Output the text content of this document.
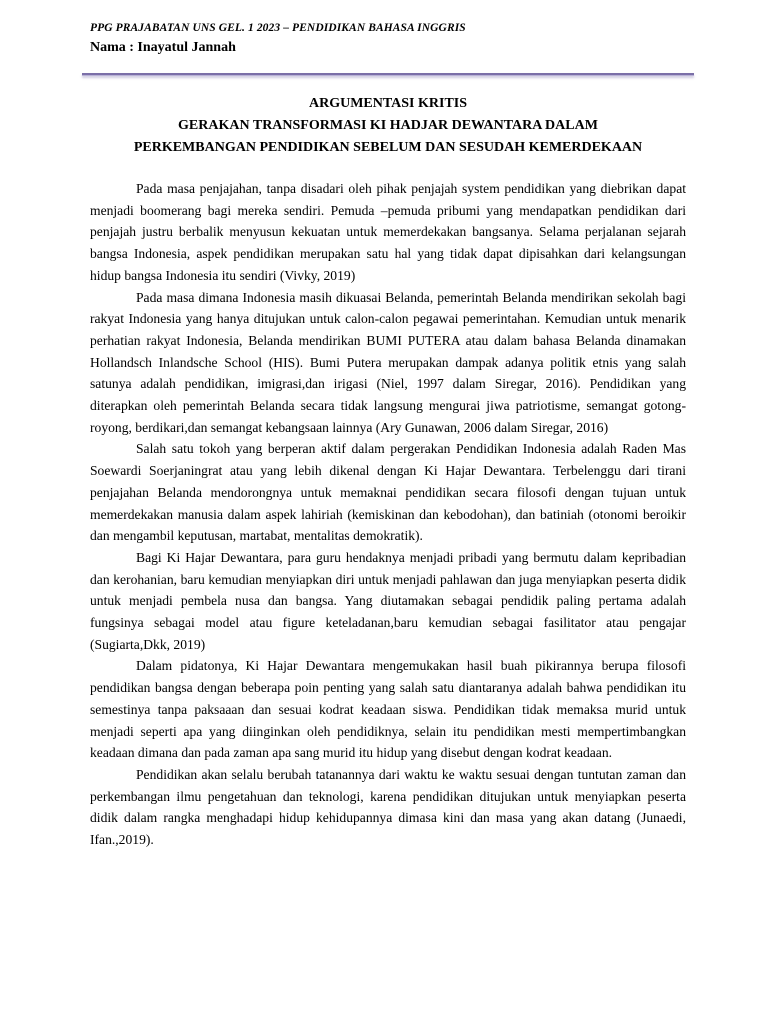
PPG PRAJABATAN UNS GEL. 1 2023 – PENDIDIKAN BAHASA INGGRIS
Nama : Inayatul Jannah
ARGUMENTASI KRITIS
GERAKAN TRANSFORMASI KI HADJAR DEWANTARA DALAM
PERKEMBANGAN PENDIDIKAN SEBELUM DAN SESUDAH KEMERDEKAAN

Pada masa penjajahan, tanpa disadari oleh pihak penjajah system pendidikan yang diebrikan dapat menjadi boomerang bagi mereka sendiri. Pemuda –pemuda pribumi yang mendapatkan pendidikan dari penjajah justru berbalik menyusun kekuatan untuk memerdekakan bangsanya. Selama perjalanan sejarah bangsa Indonesia, aspek pendidikan merupakan satu hal yang tidak dapat dipisahkan dari kelangsungan hidup bangsa Indonesia itu sendiri (Vivky, 2019)

Pada masa dimana Indonesia masih dikuasai Belanda, pemerintah Belanda mendirikan sekolah bagi rakyat Indonesia yang hanya ditujukan untuk calon-calon pegawai pemerintahan. Kemudian untuk menarik perhatian rakyat Indonesia, Belanda mendirikan BUMI PUTERA atau dalam bahasa Belanda dinamakan Hollandsch Inlandsche School (HIS). Bumi Putera merupakan dampak adanya politik etnis yang salah satunya adalah pendidikan, imigrasi,dan irigasi (Niel, 1997 dalam Siregar, 2016). Pendidikan yang diterapkan oleh pemerintah Belanda secara tidak langsung mengurai jiwa patriotisme, semangat gotong-royong, berdikari,dan semangat kebangsaan lainnya (Ary Gunawan, 2006 dalam Siregar, 2016)

Salah satu tokoh yang berperan aktif dalam pergerakan Pendidikan Indonesia adalah Raden Mas Soewardi Soerjaningrat atau yang lebih dikenal dengan Ki Hajar Dewantara. Terbelenggu dari tirani penjajahan Belanda mendorongnya untuk memaknai pendidikan secara filosofi dengan tujuan untuk memerdekakan manusia dalam aspek lahiriah (kemiskinan dan kebodohan), dan batiniah (otonomi beroikir dan mengambil keputusan, martabat, mentalitas demokratik).

Bagi Ki Hajar Dewantara, para guru hendaknya menjadi pribadi yang bermutu dalam kepribadian dan kerohanian, baru kemudian menyiapkan diri untuk menjadi pahlawan dan juga menyiapkan peserta didik untuk menjadi pembela nusa dan bangsa. Yang diutamakan sebagai pendidik paling pertama adalah fungsinya sebagai model atau figure keteladanan,baru kemudian sebagai fasilitator atau pengajar (Sugiarta,Dkk, 2019)

Dalam pidatonya, Ki Hajar Dewantara mengemukakan hasil buah pikirannya berupa filosofi pendidikan bangsa dengan beberapa poin penting yang salah satu diantaranya adalah bahwa pendidikan itu semestinya tanpa paksaaan dan sesuai kodrat keadaan siswa. Pendidikan tidak memaksa murid untuk menjadi seperti apa yang diinginkan oleh pendidiknya, selain itu pendidikan mesti mempertimbangkan keadaan dimana dan pada zaman apa sang murid itu hidup yang disebut dengan kodrat keadaan.

Pendidikan akan selalu berubah tatanannya dari waktu ke waktu sesuai dengan tuntutan zaman dan perkembangan ilmu pengetahuan dan teknologi, karena pendidikan ditujukan untuk menyiapkan peserta didik dalam rangka menghadapi hidup kehidupannya dimasa kini dan masa yang akan datang (Junaedi, Ifan.,2019).
